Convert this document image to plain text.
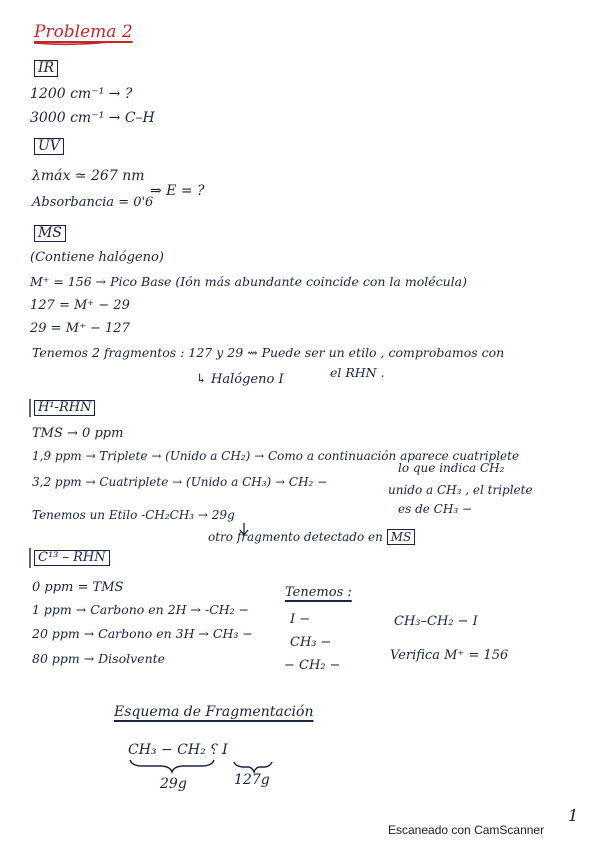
Problema 2
IR
1200 cm⁻¹ → ?
3000 cm⁻¹ → C–H
UV
λmáx ≃ 267 nm
Absorbancia = 0'6
⇒ E = ?
MS
(Contiene halógeno)
M⁺ = 156 → Pico Base (Ión más abundante coincide con la molécula)
127 = M⁺ − 29
29 = M⁺ − 127
Tenemos 2 fragmentos : 127 y 29 ⇝ Puede ser un etilo , comprobamos con
el RHN .
↳ Halógeno I
H¹-RHN
TMS → 0 ppm
1,9 ppm → Triplete → (Unido a CH₂) → Como a continuación aparece cuatriplete
lo que indica CH₂
3,2 ppm → Cuatriplete → (Unido a CH₃) → CH₂ −
unido a CH₃ , el triplete
es de CH₃ −
Tenemos un Etilo -CH₂CH₃ → 29g
otro fragmento detectado en MS
C¹³ – RHN
0 ppm = TMS
1 ppm → Carbono en 2H → -CH₂ −
20 ppm → Carbono en 3H → CH₃ −
80 ppm → Disolvente
Tenemos :
I −
CH₃ −
− CH₂ −
CH₃–CH₂ − I
Verifica M⁺ = 156
Esquema de Fragmentación
CH₃ − CH₂ ⸮ I
29g	127g
1
Escaneado con CamScanner
